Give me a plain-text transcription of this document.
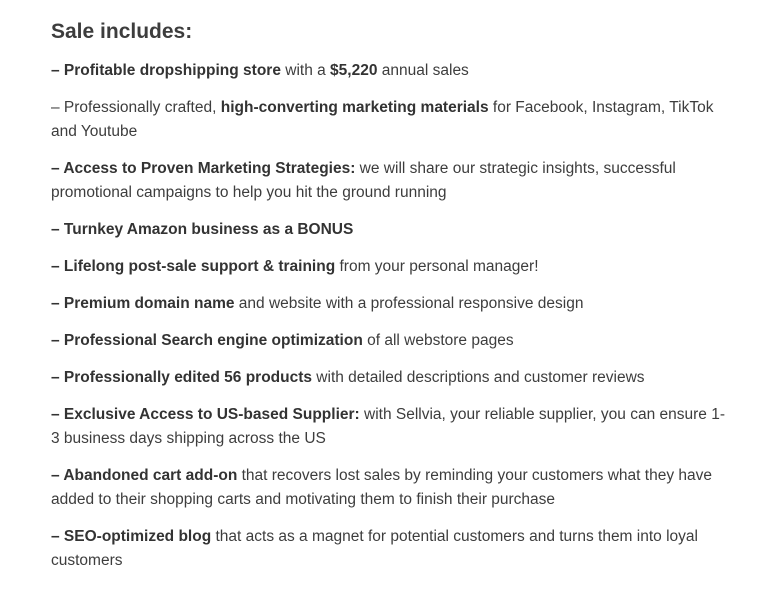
Sale includes:
– Profitable dropshipping store with a $5,220 annual sales
– Professionally crafted, high-converting marketing materials for Facebook, Instagram, TikTok and Youtube
– Access to Proven Marketing Strategies: we will share our strategic insights, successful promotional campaigns to help you hit the ground running
– Turnkey Amazon business as a BONUS
– Lifelong post-sale support & training from your personal manager!
– Premium domain name and website with a professional responsive design
– Professional Search engine optimization of all webstore pages
– Professionally edited 56 products with detailed descriptions and customer reviews
– Exclusive Access to US-based Supplier: with Sellvia, your reliable supplier, you can ensure 1-3 business days shipping across the US
– Abandoned cart add-on that recovers lost sales by reminding your customers what they have added to their shopping carts and motivating them to finish their purchase
– SEO-optimized blog that acts as a magnet for potential customers and turns them into loyal customers
